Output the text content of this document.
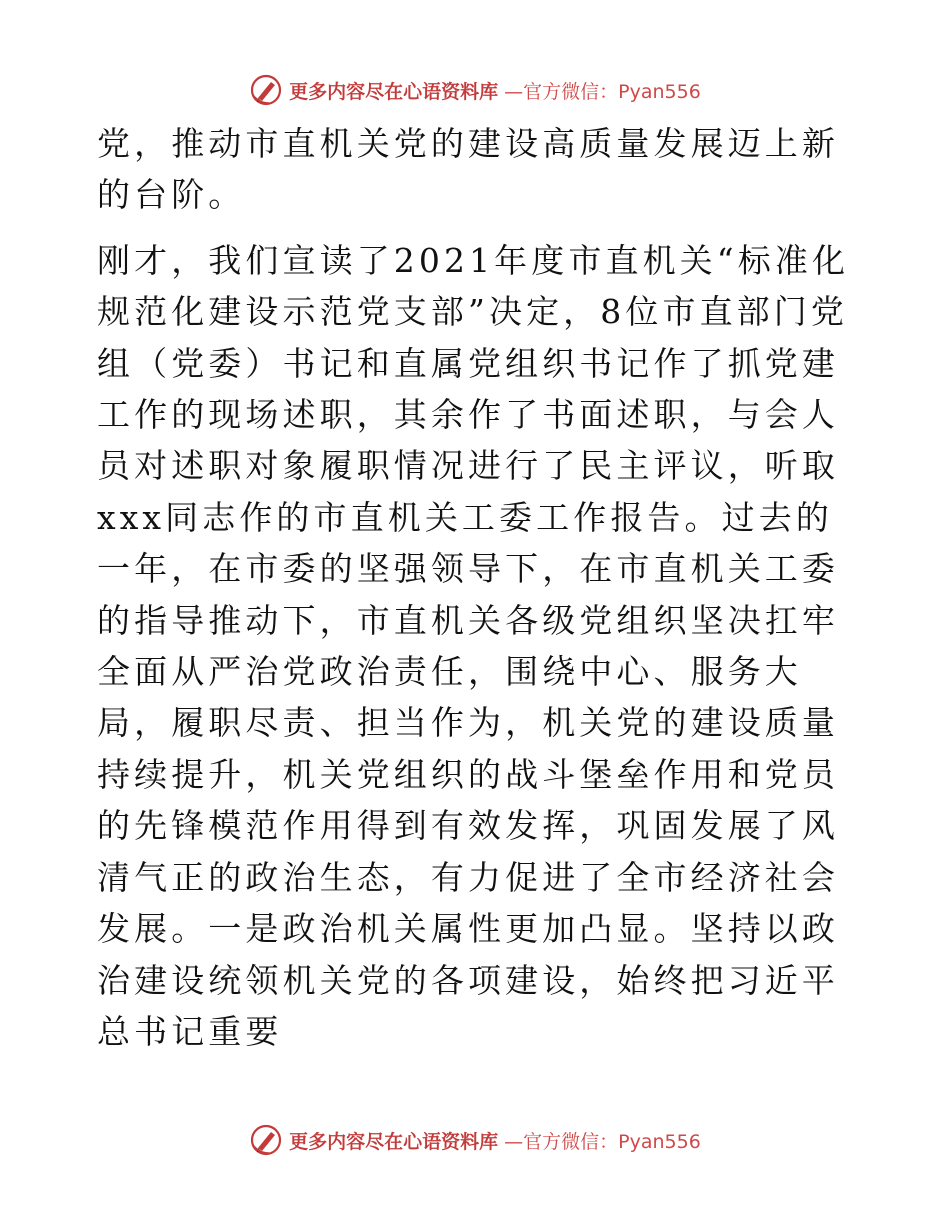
更多内容尽在心语资料库 —官方微信：Pyan556

党，推动市直机关党的建设高质量发展迈上新的台阶。

刚才，我们宣读了2021年度市直机关“标准化规范化建设示范党支部”决定，8位市直部门党组（党委）书记和直属党组织书记作了抓党建工作的现场述职，其余作了书面述职，与会人员对述职对象履职情况进行了民主评议，听取xxx同志作的市直机关工委工作报告。过去的一年，在市委的坚强领导下，在市直机关工委的指导推动下，市直机关各级党组织坚决扛牢全面从严治党政治责任，围绕中心、服务大局，履职尽责、担当作为，机关党的建设质量持续提升，机关党组织的战斗堡垒作用和党员的先锋模范作用得到有效发挥，巩固发展了风清气正的政治生态，有力促进了全市经济社会发展。一是政治机关属性更加凸显。坚持以政治建设统领机关党的各项建设，始终把习近平总书记重要

更多内容尽在心语资料库 —官方微信：Pyan556
